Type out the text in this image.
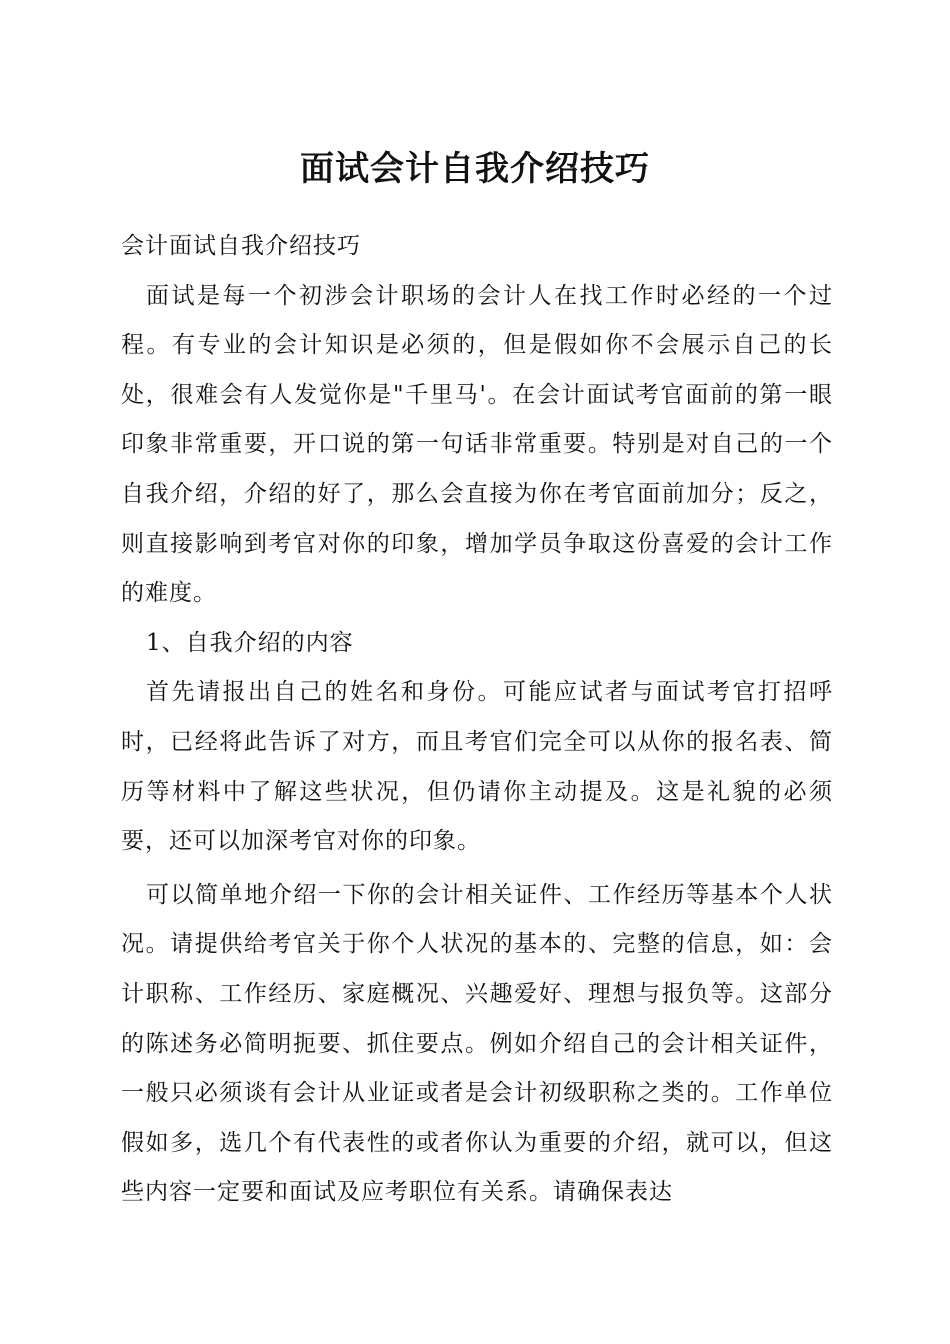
面试会计自我介绍技巧

会计面试自我介绍技巧

面试是每一个初涉会计职场的会计人在找工作时必经的一个过程。有专业的会计知识是必须的，但是假如你不会展示自己的长处，很难会有人发觉你是"千里马'。在会计面试考官面前的第一眼印象非常重要，开口说的第一句话非常重要。特别是对自己的一个自我介绍，介绍的好了，那么会直接为你在考官面前加分；反之，则直接影响到考官对你的印象，增加学员争取这份喜爱的会计工作的难度。

1、自我介绍的内容

首先请报出自己的姓名和身份。可能应试者与面试考官打招呼时，已经将此告诉了对方，而且考官们完全可以从你的报名表、简历等材料中了解这些状况，但仍请你主动提及。这是礼貌的必须要，还可以加深考官对你的印象。

可以简单地介绍一下你的会计相关证件、工作经历等基本个人状况。请提供给考官关于你个人状况的基本的、完整的信息，如：会计职称、工作经历、家庭概况、兴趣爱好、理想与报负等。这部分的陈述务必简明扼要、抓住要点。例如介绍自己的会计相关证件，一般只必须谈有会计从业证或者是会计初级职称之类的。工作单位假如多，选几个有代表性的或者你认为重要的介绍，就可以，但这些内容一定要和面试及应考职位有关系。请确保表达
